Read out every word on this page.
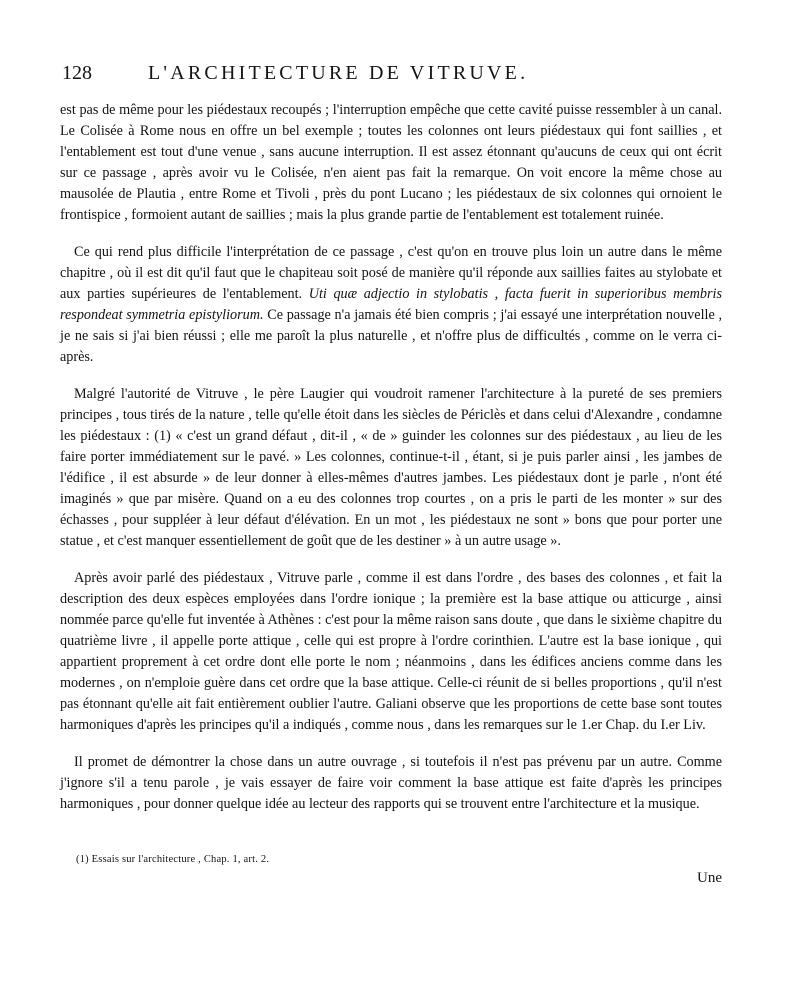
128	L'ARCHITECTURE DE VITRUVE.

est pas de même pour les piédestaux recoupés ; l'interruption empêche que cette cavité puisse ressembler à un canal. Le Colisée à Rome nous en offre un bel exemple ; toutes les colonnes ont leurs piédestaux qui font saillies , et l'entablement est tout d'une venue , sans aucune interruption. Il est assez étonnant qu'aucuns de ceux qui ont écrit sur ce passage , après avoir vu le Colisée, n'en aient pas fait la remarque. On voit encore la même chose au mausolée de Plautia , entre Rome et Tivoli , près du pont Lucano ; les piédestaux de six colonnes qui ornoient le frontispice , formoient autant de saillies ; mais la plus grande partie de l'entablement est totalement ruinée.

Ce qui rend plus difficile l'interprétation de ce passage , c'est qu'on en trouve plus loin un autre dans le même chapitre , où il est dit qu'il faut que le chapiteau soit posé de manière qu'il réponde aux saillies faites au stylobate et aux parties supérieures de l'entablement. Uti quæ adjectio in stylobatis , facta fuerit in superioribus membris respondeat symmetria epistyliorum. Ce passage n'a jamais été bien compris ; j'ai essayé une interprétation nouvelle , je ne sais si j'ai bien réussi ; elle me paroît la plus naturelle , et n'offre plus de difficultés , comme on le verra ci-après.

Malgré l'autorité de Vitruve , le père Laugier qui voudroit ramener l'architecture à la pureté de ses premiers principes , tous tirés de la nature , telle qu'elle étoit dans les siècles de Périclès et dans celui d'Alexandre , condamne les piédestaux : (1) « c'est un grand défaut , dit-il , « de » guinder les colonnes sur des piédestaux , au lieu de les faire porter immédiatement sur le pavé. » Les colonnes, continue-t-il , étant, si je puis parler ainsi , les jambes de l'édifice , il est absurde » de leur donner à elles-mêmes d'autres jambes. Les piédestaux dont je parle , n'ont été imaginés » que par misère. Quand on a eu des colonnes trop courtes , on a pris le parti de les monter » sur des échasses , pour suppléer à leur défaut d'élévation. En un mot , les piédestaux ne sont » bons que pour porter une statue , et c'est manquer essentiellement de goût que de les destiner » à un autre usage ».

Après avoir parlé des piédestaux , Vitruve parle , comme il est dans l'ordre , des bases des colonnes , et fait la description des deux espèces employées dans l'ordre ionique ; la première est la base attique ou atticurge , ainsi nommée parce qu'elle fut inventée à Athènes : c'est pour la même raison sans doute , que dans le sixième chapitre du quatrième livre , il appelle porte attique , celle qui est propre à l'ordre corinthien. L'autre est la base ionique , qui appartient proprement à cet ordre dont elle porte le nom ; néanmoins , dans les édifices anciens comme dans les modernes , on n'emploie guère dans cet ordre que la base attique. Celle-ci réunit de si belles proportions , qu'il n'est pas étonnant qu'elle ait fait entièrement oublier l'autre. Galiani observe que les proportions de cette base sont toutes harmoniques d'après les principes qu'il a indiqués , comme nous , dans les remarques sur le 1.er Chap. du I.er Liv.

Il promet de démontrer la chose dans un autre ouvrage , si toutefois il n'est pas prévenu par un autre. Comme j'ignore s'il a tenu parole , je vais essayer de faire voir comment la base attique est faite d'après les principes harmoniques , pour donner quelque idée au lecteur des rapports qui se trouvent entre l'architecture et la musique.

(1) Essais sur l'architecture , Chap. 1, art. 2.
Une
